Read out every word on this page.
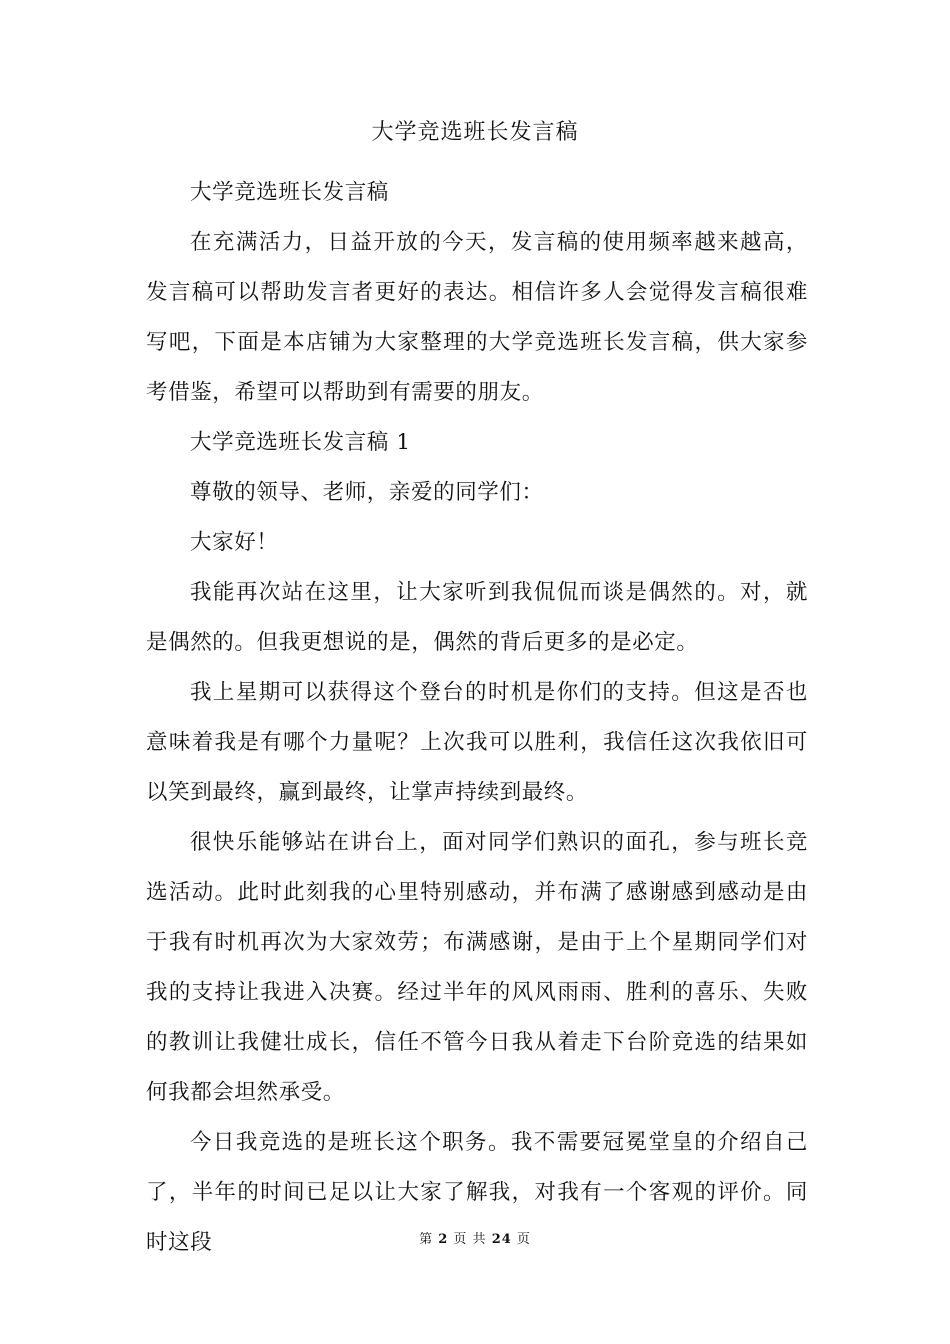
大学竞选班长发言稿

大学竞选班长发言稿

在充满活力，日益开放的今天，发言稿的使用频率越来越高，发言稿可以帮助发言者更好的表达。相信许多人会觉得发言稿很难写吧，下面是本店铺为大家整理的大学竞选班长发言稿，供大家参考借鉴，希望可以帮助到有需要的朋友。

大学竞选班长发言稿 1

尊敬的领导、老师，亲爱的同学们：

大家好！

我能再次站在这里，让大家听到我侃侃而谈是偶然的。对，就是偶然的。但我更想说的是，偶然的背后更多的是必定。

我上星期可以获得这个登台的时机是你们的支持。但这是否也意味着我是有哪个力量呢？上次我可以胜利，我信任这次我依旧可以笑到最终，赢到最终，让掌声持续到最终。

很快乐能够站在讲台上，面对同学们熟识的面孔，参与班长竞选活动。此时此刻我的心里特别感动，并布满了感谢感到感动是由于我有时机再次为大家效劳；布满感谢，是由于上个星期同学们对我的支持让我进入决赛。经过半年的风风雨雨、胜利的喜乐、失败的教训让我健壮成长，信任不管今日我从着走下台阶竞选的结果如何我都会坦然承受。

今日我竞选的是班长这个职务。我不需要冠冕堂皇的介绍自己了，半年的时间已足以让大家了解我，对我有一个客观的评价。同时这段	第 2 页 共 24 页
